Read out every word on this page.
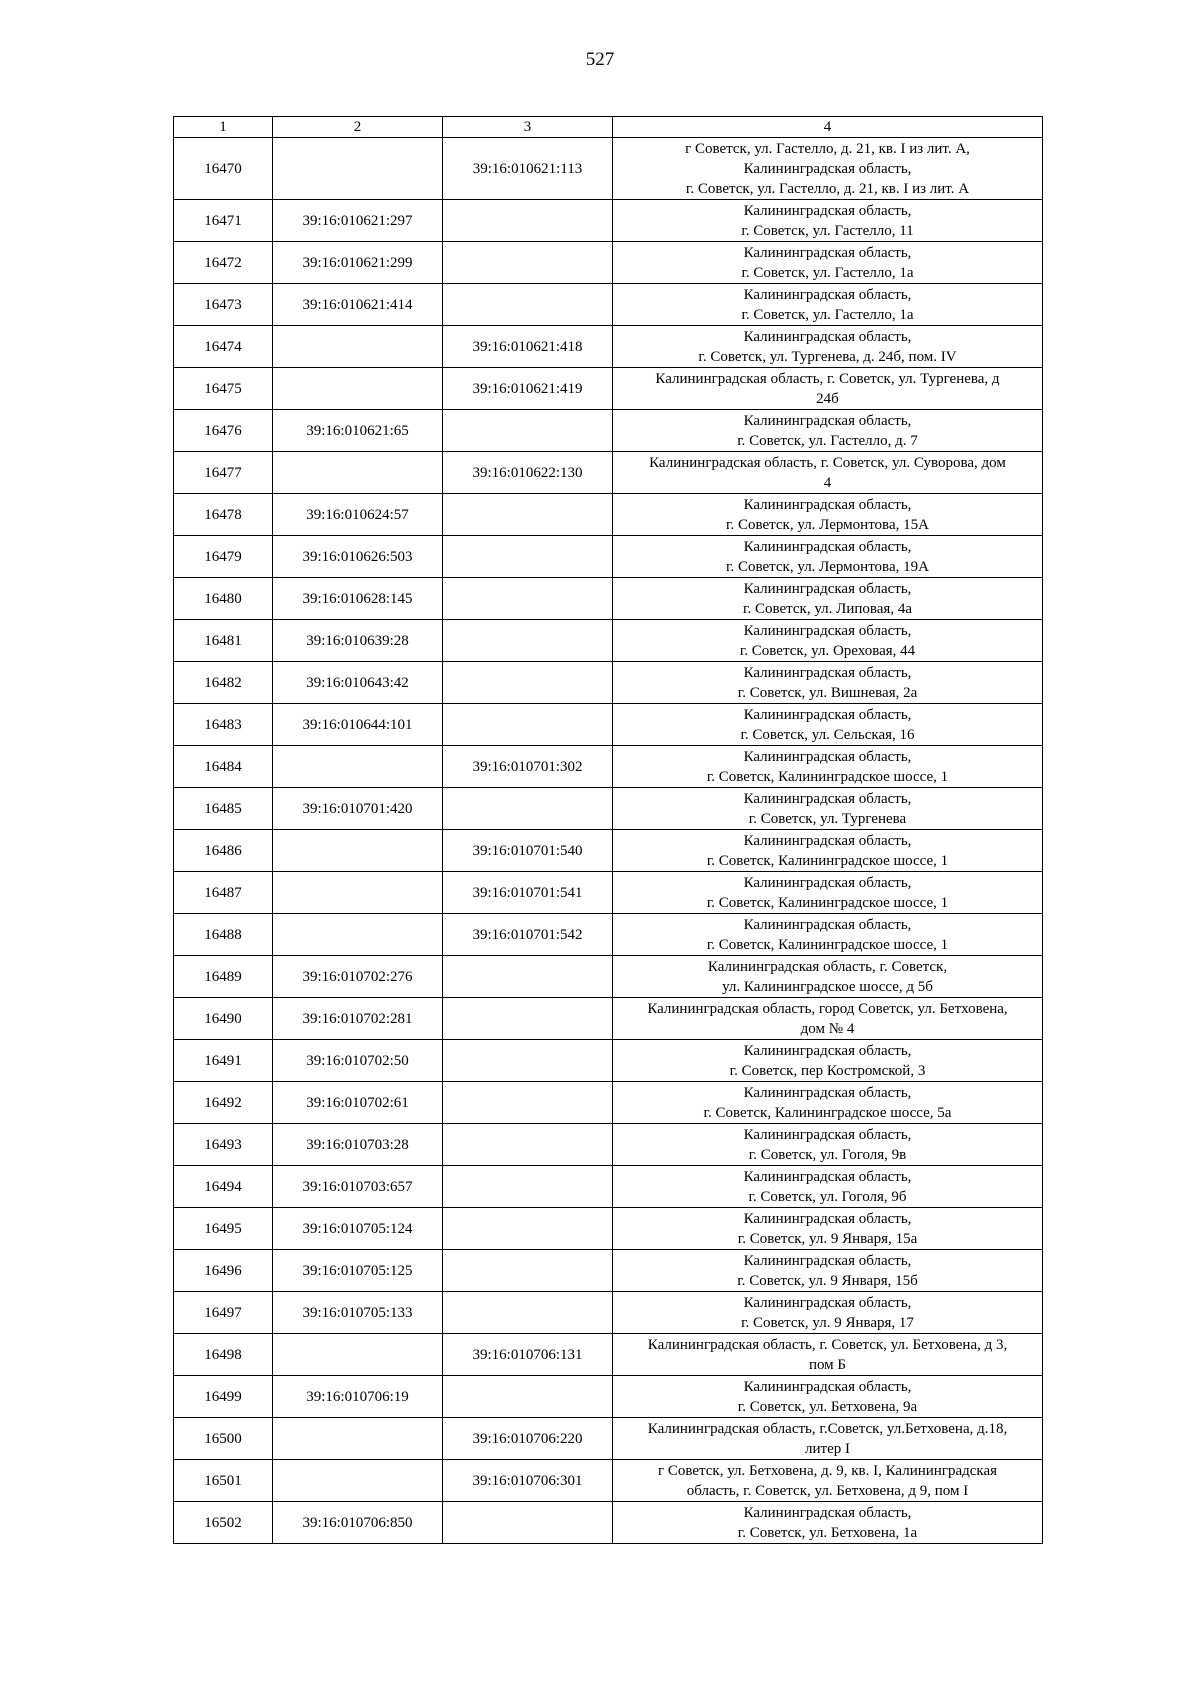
527
1	2	3	4
16470		39:16:010621:113	г Советск, ул. Гастелло, д. 21, кв. I из лит. А,
Калининградская область,
г. Советск, ул. Гастелло, д. 21, кв. I из лит. А

16471	39:16:010621:297		Калининградская область,
г. Советск, ул. Гастелло, 11

16472	39:16:010621:299		Калининградская область,
г. Советск, ул. Гастелло, 1а

16473	39:16:010621:414		Калининградская область,
г. Советск, ул. Гастелло, 1а

16474		39:16:010621:418	Калининградская область,
г. Советск, ул. Тургенева, д. 24б, пом. IV

16475		39:16:010621:419	Калининградская область, г. Советск, ул. Тургенева, д
24б

16476	39:16:010621:65		Калининградская область,
г. Советск, ул. Гастелло, д. 7

16477		39:16:010622:130	Калининградская область, г. Советск, ул. Суворова, дом
4

16478	39:16:010624:57		Калининградская область,
г. Советск, ул. Лермонтова, 15А

16479	39:16:010626:503		Калининградская область,
г. Советск, ул. Лермонтова, 19А

16480	39:16:010628:145		Калининградская область,
г. Советск, ул. Липовая, 4а

16481	39:16:010639:28		Калининградская область,
г. Советск, ул. Ореховая, 44

16482	39:16:010643:42		Калининградская область,
г. Советск, ул. Вишневая, 2а

16483	39:16:010644:101		Калининградская область,
г. Советск, ул. Сельская, 16

16484		39:16:010701:302	Калининградская область,
г. Советск, Калининградское шоссе, 1

16485	39:16:010701:420		Калининградская область,
г. Советск, ул. Тургенева

16486		39:16:010701:540	Калининградская область,
г. Советск, Калининградское шоссе, 1

16487		39:16:010701:541	Калининградская область,
г. Советск, Калининградское шоссе, 1

16488		39:16:010701:542	Калининградская область,
г. Советск, Калининградское шоссе, 1

16489	39:16:010702:276		Калининградская область, г. Советск,
ул. Калининградское шоссе, д 5б

16490	39:16:010702:281		Калининградская область, город Советск, ул. Бетховена,
дом № 4

16491	39:16:010702:50		Калининградская область,
г. Советск, пер Костромской, 3

16492	39:16:010702:61		Калининградская область,
г. Советск, Калининградское шоссе, 5а

16493	39:16:010703:28		Калининградская область,
г. Советск, ул. Гоголя, 9в

16494	39:16:010703:657		Калининградская область,
г. Советск, ул. Гоголя, 9б

16495	39:16:010705:124		Калининградская область,
г. Советск, ул. 9 Января, 15а

16496	39:16:010705:125		Калининградская область,
г. Советск, ул. 9 Января, 15б

16497	39:16:010705:133		Калининградская область,
г. Советск, ул. 9 Января, 17

16498		39:16:010706:131	Калининградская область, г. Советск, ул. Бетховена, д 3,
пом Б

16499	39:16:010706:19		Калининградская область,
г. Советск, ул. Бетховена, 9а

16500		39:16:010706:220	Калининградская область, г.Советск, ул.Бетховена, д.18,
литер I

16501		39:16:010706:301	г Советск, ул. Бетховена, д. 9, кв. I, Калининградская
область, г. Советск, ул. Бетховена, д 9, пом I

16502	39:16:010706:850		Калининградская область,
г. Советск, ул. Бетховена, 1а
